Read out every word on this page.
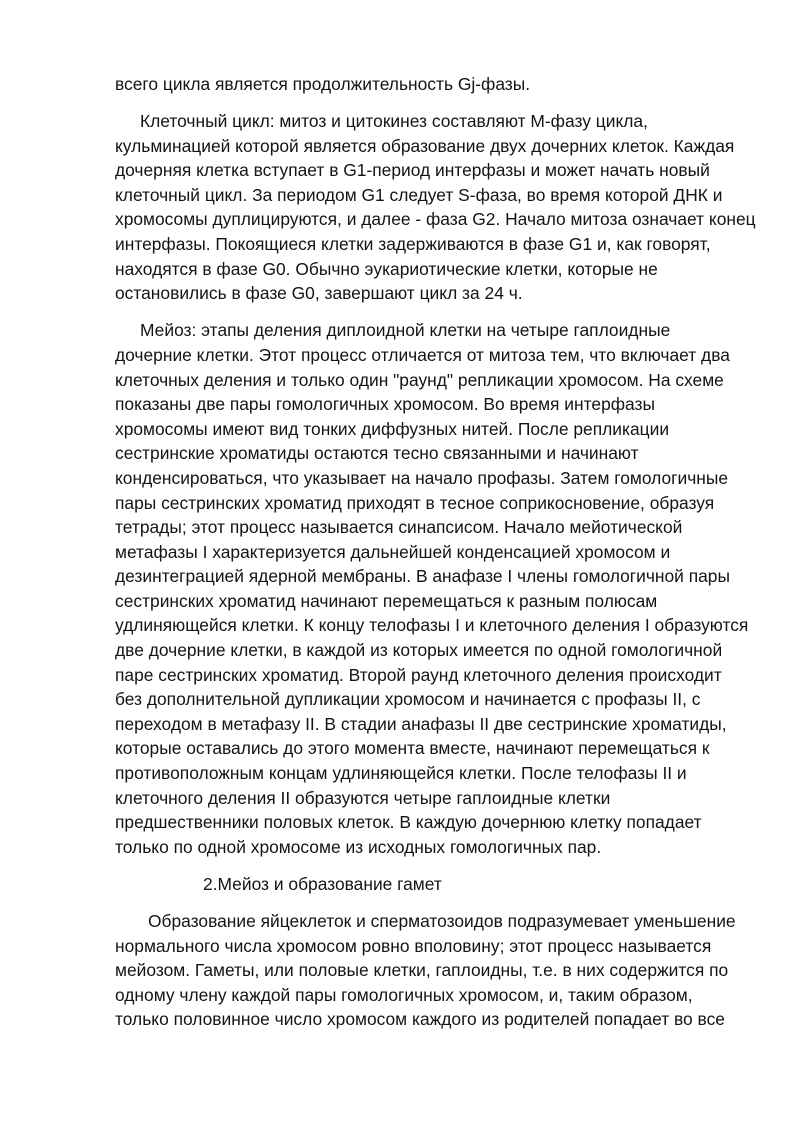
всего цикла является продолжительность Gj-фазы.

Клеточный цикл: митоз и цитокинез составляют M-фазу цикла,
кульминацией которой является образование двух дочерних клеток. Каждая
дочерняя клетка вступает в G1-период интерфазы и может начать новый
клеточный цикл. За периодом G1 следует S-фаза, во время которой ДНК и
хромосомы дуплицируются, и далее - фаза G2. Начало митоза означает конец
интерфазы. Покоящиеся клетки задерживаются в фазе G1 и, как говорят,
находятся в фазе G0. Обычно эукариотические клетки, которые не
остановились в фазе G0, завершают цикл за 24 ч.

Мейоз: этапы деления диплоидной клетки на четыре гаплоидные
дочерние клетки. Этот процесс отличается от митоза тем, что включает два
клеточных деления и только один "раунд" репликации хромосом. На схеме
показаны две пары гомологичных хромосом. Во время интерфазы
хромосомы имеют вид тонких диффузных нитей. После репликации
сестринские хроматиды остаются тесно связанными и начинают
конденсироваться, что указывает на начало профазы. Затем гомологичные
пары сестринских хроматид приходят в тесное соприкосновение, образуя
тетрады; этот процесс называется синапсисом. Начало мейотической
метафазы I характеризуется дальнейшей конденсацией хромосом и
дезинтеграцией ядерной мембраны. В анафазе I члены гомологичной пары
сестринских хроматид начинают перемещаться к разным полюсам
удлиняющейся клетки. К концу телофазы I и клеточного деления I образуются
две дочерние клетки, в каждой из которых имеется по одной гомологичной
паре сестринских хроматид. Второй раунд клеточного деления происходит
без дополнительной дупликации хромосом и начинается с профазы II, с
переходом в метафазу II. В стадии анафазы II две сестринские хроматиды,
которые оставались до этого момента вместе, начинают перемещаться к
противоположным концам удлиняющейся клетки. После телофазы II и
клеточного деления II образуются четыре гаплоидные клетки
предшественники половых клеток. В каждую дочернюю клетку попадает
только по одной хромосоме из исходных гомологичных пар.

2.Мейоз и образование гамет

Образование яйцеклеток и сперматозоидов подразумевает уменьшение
нормального числа хромосом ровно вполовину; этот процесс называется
мейозом. Гаметы, или половые клетки, гаплоидны, т.е. в них содержится по
одному члену каждой пары гомологичных хромосом, и, таким образом,
только половинное число хромосом каждого из родителей попадает во все
